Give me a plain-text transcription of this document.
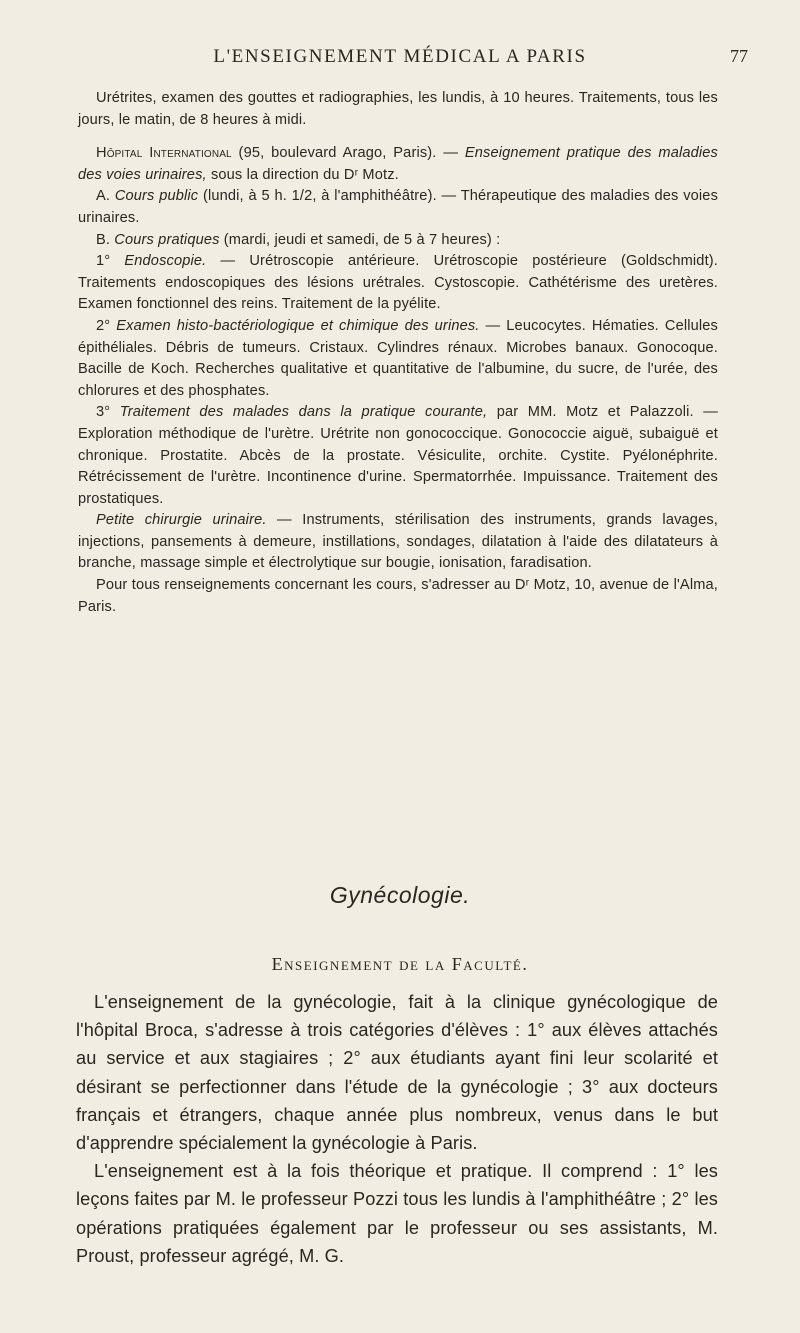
L'ENSEIGNEMENT MÉDICAL A PARIS	77

Urétrites, examen des gouttes et radiographies, les lundis, à 10 heures. Traitements, tous les jours, le matin, de 8 heures à midi.

Hôpital International (95, boulevard Arago, Paris). — Enseignement pratique des maladies des voies urinaires, sous la direction du Dʳ Motz.

A. Cours public (lundi, à 5 h. 1/2, à l'amphithéâtre). — Thérapeutique des maladies des voies urinaires.

B. Cours pratiques (mardi, jeudi et samedi, de 5 à 7 heures) :

1° Endoscopie. — Urétroscopie antérieure. Urétroscopie postérieure (Goldschmidt). Traitements endoscopiques des lésions urétrales. Cystoscopie. Cathétérisme des uretères. Examen fonctionnel des reins. Traitement de la pyélite.

2° Examen histo-bactériologique et chimique des urines. — Leucocytes. Hématies. Cellules épithéliales. Débris de tumeurs. Cristaux. Cylindres rénaux. Microbes banaux. Gonocoque. Bacille de Koch. Recherches qualitative et quantitative de l'albumine, du sucre, de l'urée, des chlorures et des phosphates.

3° Traitement des malades dans la pratique courante, par MM. Motz et Palazzoli. — Exploration méthodique de l'urètre. Urétrite non gonococcique. Gonococcie aiguë, subaiguë et chronique. Prostatite. Abcès de la prostate. Vésiculite, orchite. Cystite. Pyélonéphrite. Rétrécissement de l'urètre. Incontinence d'urine. Spermatorrhée. Impuissance. Traitement des prostatiques.

Petite chirurgie urinaire. — Instruments, stérilisation des instruments, grands lavages, injections, pansements à demeure, instillations, sondages, dilatation à l'aide des dilatateurs à branche, massage simple et électrolytique sur bougie, ionisation, faradisation.

Pour tous renseignements concernant les cours, s'adresser au Dʳ Motz, 10, avenue de l'Alma, Paris.

Gynécologie.
Enseignement de la Faculté.

L'enseignement de la gynécologie, fait à la clinique gynécologique de l'hôpital Broca, s'adresse à trois catégories d'élèves : 1° aux élèves attachés au service et aux stagiaires ; 2° aux étudiants ayant fini leur scolarité et désirant se perfectionner dans l'étude de la gynécologie ; 3° aux docteurs français et étrangers, chaque année plus nombreux, venus dans le but d'apprendre spécialement la gynécologie à Paris.

L'enseignement est à la fois théorique et pratique. Il comprend : 1° les leçons faites par M. le professeur Pozzi tous les lundis à l'amphithéâtre ; 2° les opérations pratiquées également par le professeur ou ses assistants, M. Proust, professeur agrégé, M. G.
